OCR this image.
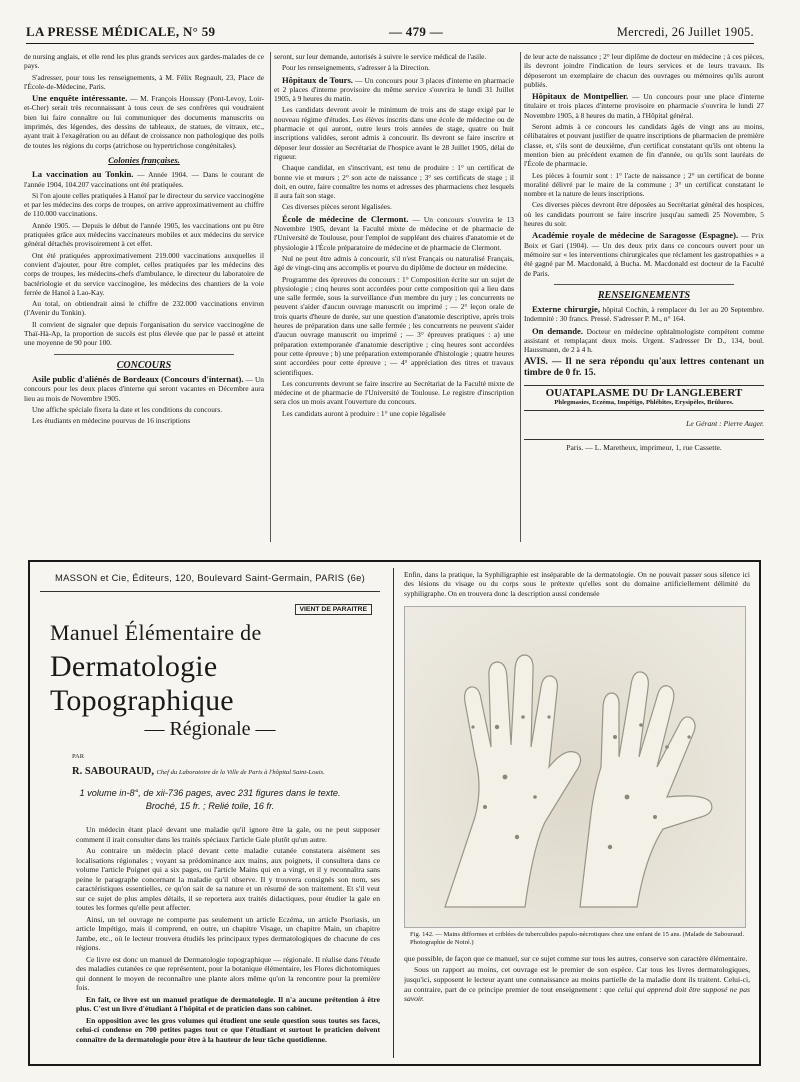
LA PRESSE MÉDICALE, N° 59	— 479 —	Mercredi, 26 Juillet 1905.

de nursing anglais, et elle rend les plus grands services aux gardes-malades de ce pays.

S'adresser, pour tous les renseignements, à M. Félix Regnault, 23, Place de l'École-de-Médecine, Paris.

Une enquête intéressante. — M. François Houssay (Pont-Levoy, Loir-et-Cher) serait très reconnaissant à tous ceux de ses confrères qui voudraient bien lui faire connaître ou lui communiquer des documents manuscrits ou imprimés, des légendes, des dessins de tableaux, de statues, de vitraux, etc., ayant trait à l'exagération ou au défaut de croissance non pathologique des poils de toutes les régions du corps (atrichose ou hypertrichose congénitales).

Colonies françaises.

La vaccination au Tonkin. — Année 1904. — Dans le courant de l'année 1904, 104.207 vaccinations ont été pratiquées.

Si l'on ajoute celles pratiquées à Hanoï par le directeur du service vaccinogène et par les médecins des corps de troupes, on arrive approximativement au chiffre de 110.000 vaccinations.

Année 1905. — Depuis le début de l'année 1905, les vaccinations ont pu être pratiquées grâce aux médecins vaccinateurs mobiles et aux médecins du service général détachés provisoirement à cet effet.

Ont été pratiquées approximativement 219.000 vaccinations auxquelles il convient d'ajouter, pour être complet, celles pratiquées par les médecins des corps de troupes, les médecins-chefs d'ambulance, le directeur du laboratoire de bactériologie et du service vaccinogène, les médecins des chantiers de la voie ferrée de Hanoï à Lao-Kay.

Au total, on obtiendrait ainsi le chiffre de 232.000 vaccinations environ (l'Avenir du Tonkin).

Il convient de signaler que depuis l'organisation du service vaccinogène de Thaï-Hà-Ap, la proportion de succès est plus élevée que par le passé et atteint une moyenne de 90 pour 100.

CONCOURS

Asile public d'aliénés de Bordeaux (Concours d'internat). — Un concours pour les deux places d'interne qui seront vacantes en Décembre aura lieu au mois de Novembre 1905.

Une affiche spéciale fixera la date et les conditions du concours.

Les étudiants en médecine pourvus de 16 inscriptions

seront, sur leur demande, autorisés à suivre le service médical de l'asile.

Pour les renseignements, s'adresser à la Direction.

Hôpitaux de Tours. — Un concours pour 3 places d'interne en pharmacie et 2 places d'interne provisoire du même service s'ouvrira le lundi 31 Juillet 1905, à 9 heures du matin.

Les candidats devront avoir le minimum de trois ans de stage exigé par le nouveau régime d'études. Les élèves inscrits dans une école de médecine ou de pharmacie et qui auront, outre leurs trois années de stage, quatre ou huit inscriptions validées, seront admis à concourir. Ils devront se faire inscrire et déposer leur dossier au Secrétariat de l'hospice avant le 28 Juillet 1905, délai de rigueur.

Chaque candidat, en s'inscrivant, est tenu de produire : 1° un certificat de bonne vie et mœurs ; 2° son acte de naissance ; 3° ses certificats de stage ; il doit, en outre, faire connaître les noms et adresses des pharmaciens chez lesquels il aura fait son stage.

Ces diverses pièces seront légalisées.

École de médecine de Clermont. — Un concours s'ouvrira le 13 Novembre 1905, devant la Faculté mixte de médecine et de pharmacie de l'Université de Toulouse, pour l'emploi de suppléant des chaires d'anatomie et de physiologie à l'École préparatoire de médecine et de pharmacie de Clermont.

Nul ne peut être admis à concourir, s'il n'est Français ou naturalisé Français, âgé de vingt-cinq ans accomplis et pourvu du diplôme de docteur en médecine.

Programme des épreuves du concours : 1° Composition écrite sur un sujet de physiologie ; cinq heures sont accordées pour cette composition qui a lieu dans une salle fermée, sous la surveillance d'un membre du jury ; les concurrents ne peuvent s'aider d'aucun ouvrage manuscrit ou imprimé ; — 2° leçon orale de trois quarts d'heure de durée, sur une question d'anatomie descriptive, après trois heures de préparation dans une salle fermée ; les concurrents ne peuvent s'aider d'aucun ouvrage manuscrit ou imprimé ; — 3° épreuves pratiques : a) une préparation extemporanée d'anatomie descriptive ; cinq heures sont accordées pour cette épreuve ; b) une préparation extemporanée d'histologie ; quatre heures sont accordées pour cette épreuve ; — 4° appréciation des titres et travaux scientifiques.

Les concurrents devront se faire inscrire au Secrétariat de la Faculté mixte de médecine et de pharmacie de l'Université de Toulouse. Le registre d'inscription sera clos un mois avant l'ouverture du concours.

Les candidats auront à produire : 1° une copie légalisée

de leur acte de naissance ; 2° leur diplôme de docteur en médecine ; à ces pièces, ils devront joindre l'indication de leurs services et de leurs travaux. Ils déposeront un exemplaire de chacun des ouvrages ou mémoires qu'ils auront publiés.

Hôpitaux de Montpellier. — Un concours pour une place d'interne titulaire et trois places d'interne provisoire en pharmacie s'ouvrira le lundi 27 Novembre 1905, à 8 heures du matin, à l'Hôpital général.

Seront admis à ce concours les candidats âgés de vingt ans au moins, célibataires et pouvant justifier de quatre inscriptions de pharmacien de première classe, et, s'ils sont de deuxième, d'un certificat constatant qu'ils ont obtenu la mention bien au précédent examen de fin d'année, ou qu'ils sont lauréats de l'École de pharmacie.

Les pièces à fournir sont : 1° l'acte de naissance ; 2° un certificat de bonne moralité délivré par le maire de la commune ; 3° un certificat constatant le nombre et la nature de leurs inscriptions.

Ces diverses pièces devront être déposées au Secrétariat général des hospices, où les candidats pourront se faire inscrire jusqu'au samedi 25 Novembre, 5 heures du soir.

Académie royale de médecine de Saragosse (Espagne). — Prix Boix et Gari (1904). — Un des deux prix dans ce concours ouvert pour un mémoire sur « les interventions chirurgicales que réclament les gastropathies » a été gagné par M. Macdonald, à Bucha. M. Macdonald est docteur de la Faculté de Paris.

RENSEIGNEMENTS

Externe chirurgie, hôpital Cochin, à remplacer du 1er au 20 Septembre. Indemnité : 30 francs. Pressé. S'adresser P. M., n° 164.

On demande. Docteur en médecine ophtalmologiste compétent comme assistant et remplaçant deux mois. Urgent. S'adresser Dr D., 134, boul. Haussmann, de 2 à 4 h.

AVIS. — Il ne sera répondu qu'aux lettres contenant un timbre de 0 fr. 15.

OUATAPLASME DU Dr LANGLEBERT
Phlegmasies, Eczéma, Impétigo, Phlébites, Erysipèles, Brûlures.
Le Gérant : Pierre Auger.
Paris. — L. Maretheux, imprimeur, 1, rue Cassette.
MASSON et Cie, Éditeurs, 120, Boulevard Saint-Germain, PARIS (6e)
VIENT DE PARAITRE
Manuel Élémentaire de
Dermatologie Topographique
— Régionale —
PAR
R. SABOURAUD, Chef du Laboratoire de la Ville de Paris à l'hôpital Saint-Louis.
1 volume in-8°, de xii-736 pages, avec 231 figures dans le texte.
Broché, 15 fr. ; Relié toile, 16 fr.

Un médecin étant placé devant une maladie qu'il ignore être la gale, ou ne peut supposer comment il irait consulter dans les traités spéciaux l'article Gale plutôt qu'un autre.

Au contraire un médecin placé devant cette maladie cutanée constatera aisément ses localisations régionales ; voyant sa prédominance aux mains, aux poignets, il consultera dans ce volume l'article Poignet qui a six pages, ou l'article Mains qui en a vingt, et il y reconnaîtra sans peine le paragraphe concernant la maladie qu'il observe. Il y trouvera consignés son nom, ses caractéristiques essentielles, ce qu'on sait de sa nature et un résumé de son traitement. Et s'il veut sur ce sujet de plus amples détails, il se reportera aux traités didactiques, pour étudier la gale en toutes les formes qu'elle peut affecter.

Ainsi, un tel ouvrage ne comporte pas seulement un article Eczéma, un article Psoriasis, un article Impétigo, mais il comprend, en outre, un chapitre Visage, un chapitre Main, un chapitre Jambe, etc., où le lecteur trouvera étudiés les principaux types dermatologiques de chacune de ces régions.

Ce livre est donc un manuel de Dermatologie topographique — régionale. Il réalise dans l'étude des maladies cutanées ce que représentent, pour la botanique élémentaire, les Flores dichotomiques qui donnent le moyen de reconnaître une plante alors même qu'on la rencontre pour la première fois.

En fait, ce livre est un manuel pratique de dermatologie. Il n'a aucune prétention à être plus. C'est un livre d'étudiant à l'hôpital et de praticien dans son cabinet.

En opposition avec les gros volumes qui étudient une seule question sous toutes ses faces, celui-ci condense en 700 petites pages tout ce que l'étudiant et surtout le praticien doivent connaître de la dermatologie pour être à la hauteur de leur tâche quotidienne.

Enfin, dans la pratique, la Syphiligraphie est inséparable de la dermatologie. On ne pouvait passer sous silence ici des lésions du visage ou du corps sous le prétexte qu'elles sont du domaine artificiellement délimité du syphiligraphe. On en trouvera donc la description aussi condensée
Fig. 142. — Mains difformes et criblées de tuberculides papulo-nécrotiques chez une enfant de 15 ans. (Malade de Sabouraud. Photographie de Noiré.)

que possible, de façon que ce manuel, sur ce sujet comme sur tous les autres, conserve son caractère élémentaire.

Sous un rapport au moins, cet ouvrage est le premier de son espèce. Car tous les livres dermatologiques, jusqu'ici, supposent le lecteur ayant une connaissance au moins partielle de la maladie dont ils traitent. Celui-ci, au contraire, part de ce principe premier de tout enseignement : que celui qui apprend doit être supposé ne pas savoir.
